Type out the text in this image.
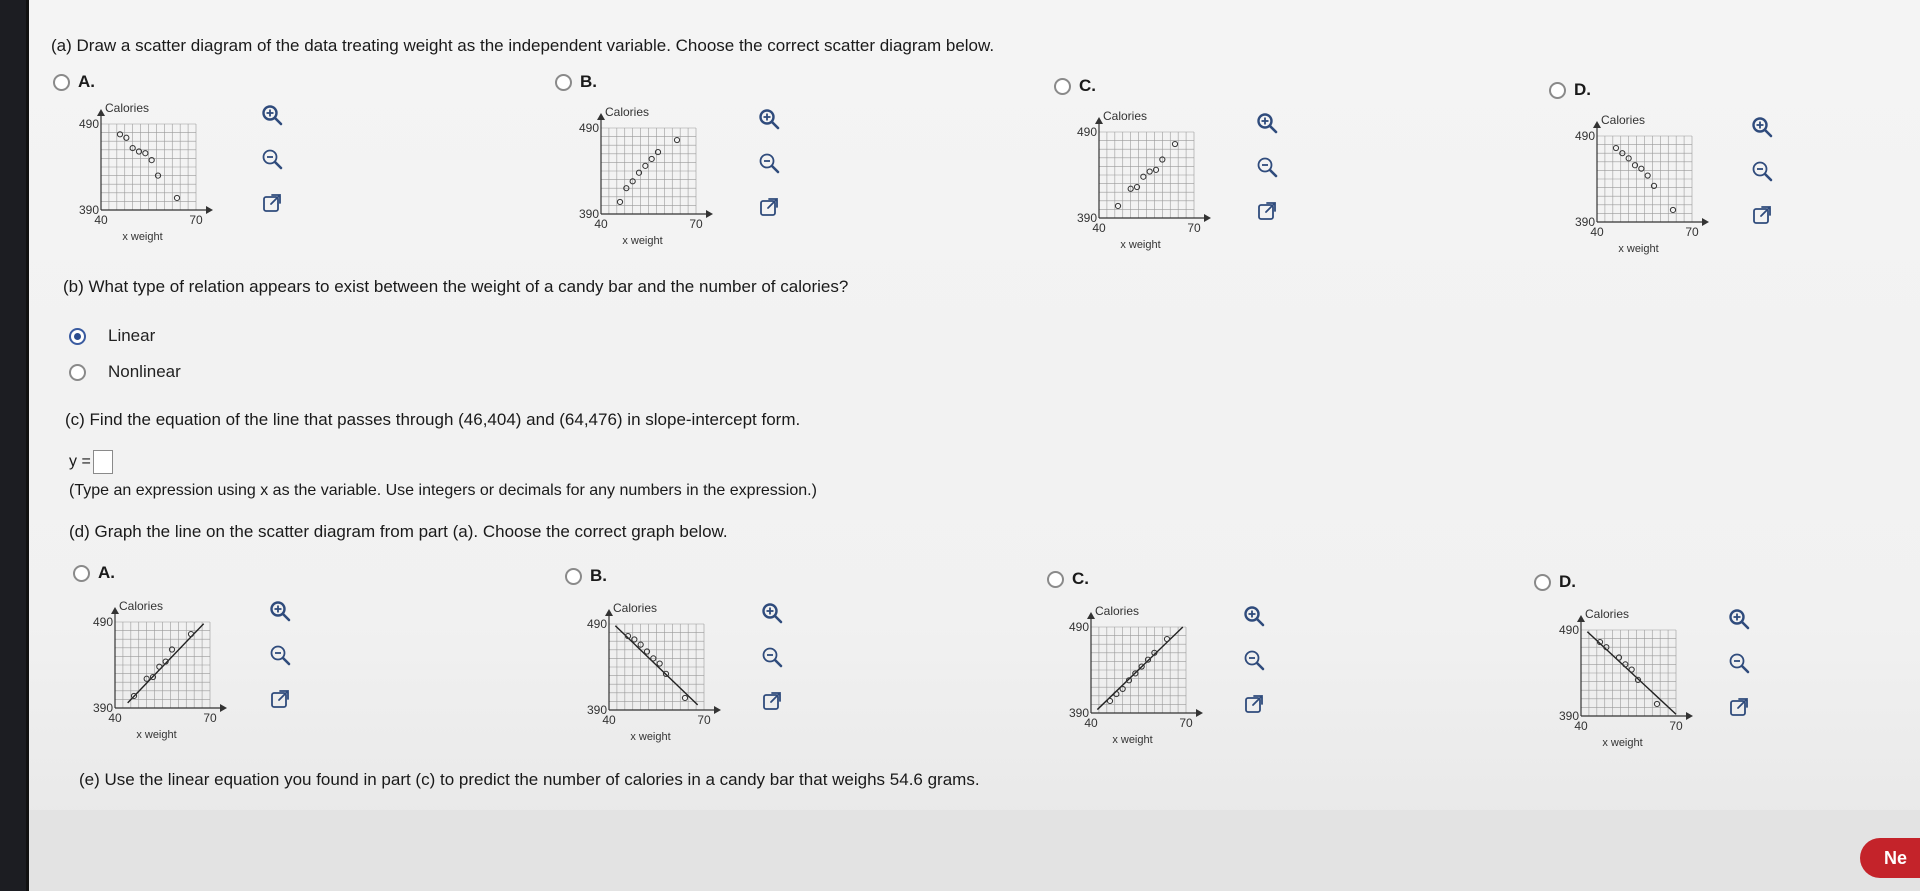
(a) Draw a scatter diagram of the data treating weight as the independent variable. Choose the correct scatter diagram below.
A.	B.	C.	D.
Calories
490
390
40	70
x weight
Calories
490
390
40	70
x weight
Calories
490
390
40	70
x weight
Calories
490
390
40	70
x weight
(b) What type of relation appears to exist between the weight of a candy bar and the number of calories?
Linear
Nonlinear
(c) Find the equation of the line that passes through (46,404) and (64,476) in slope-intercept form.
y =
(Type an expression using x as the variable. Use integers or decimals for any numbers in the expression.)
(d) Graph the line on the scatter diagram from part (a). Choose the correct graph below.
A.	B.	C.	D.
Calories
490
390
40	70
x weight
Calories
490
390
40	70
x weight
Calories
490
390
40	70
x weight
Calories
490
390
40	70
x weight
(e) Use the linear equation you found in part (c) to predict the number of calories in a candy bar that weighs 54.6 grams.
Ne
